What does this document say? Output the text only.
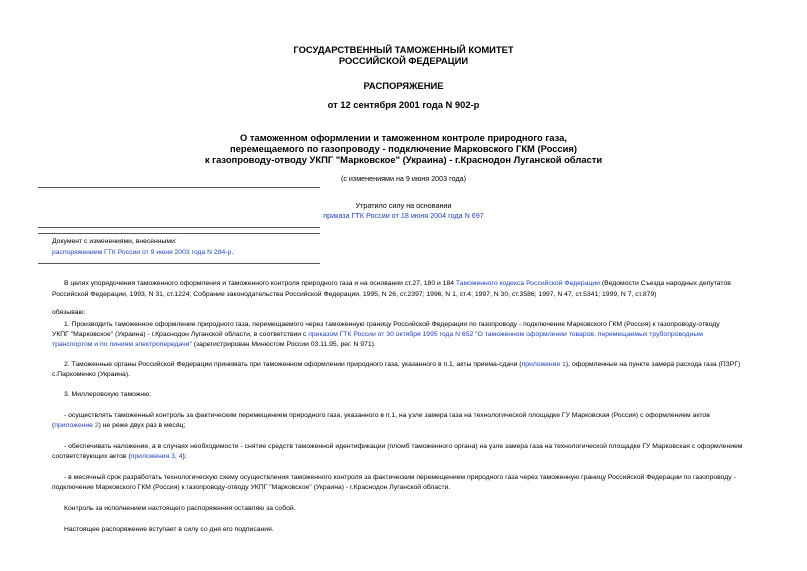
ГОСУДАРСТВЕННЫЙ ТАМОЖЕННЫЙ КОМИТЕТ
РОССИЙСКОЙ ФЕДЕРАЦИИ
РАСПОРЯЖЕНИЕ
от 12 сентября 2001 года N 902-р
О таможенном оформлении и таможенном контроле природного газа,
перемещаемого по газопроводу - подключение Марковского ГКМ (Россия)
к газопроводу-отводу УКПГ "Марковское" (Украина) - г.Краснодон Луганской области
(с изменениями на 9 июня 2003 года)
Утратило силу на основании
приказа ГТК России от 18 июня 2004 года N 697
Документ с изменениями, внесенными:
распоряжением ГТК России от 9 июня 2003 года N 284-р.
В целях упорядочения таможенного оформления и таможенного контроля природного газа и на основании ст.27, 180 и 184 Таможенного кодекса Российской Федерации (Ведомости Съезда народных депутатов
Российской Федерации, 1993, N 31, ст.1224; Собрание законодательства Российской Федерации, 1995, N 26, ст.2397; 1996, N 1, ст.4; 1997, N 30, ст.3586; 1997, N 47, ст.5341; 1999, N 7, ст.879)
обязываю:
1. Производить таможенное оформление природного газа, перемещаемого через таможенную границу Российской Федерации по газопроводу - подключение Марковского ГКМ (Россия) к газопроводу-отводу
УКПГ "Марковское" (Украина) - г.Краснодон Луганской области, в соответствии с приказом ГТК России от 30 октября 1995 года N 652 "О таможенном оформлении товаров, перемещаемых трубопроводным
транспортом и по линиям электропередачи" (зарегистрирован Минюстом России 03.11.95, рег. N 971).
2. Таможенные органы Российской Федерации принимать при таможенном оформлении природного газа, указанного в п.1, акты приема-сдачи (приложение 1), оформленные на пункте замера расхода газа (ПЗРГ)
с.Пархоменко (Украина).
3. Миллеровскую таможню:
- осуществлять таможенный контроль за фактическим перемещением природного газа, указанного в п.1, на узле замера газа на технологической площадке ГУ Марковская (Россия) с оформлением актов
(приложение 2) не реже двух раз в месяц;
- обеспечивать наложение, а в случаях необходимости - снятие средств таможенной идентификации (пломб таможенного органа) на узле замера газа на технологической площадке ГУ Марковская с оформлением
соответствующих актов (приложения 3, 4);
- в месячный срок разработать технологическую схему осуществления таможенного контроля за фактическим перемещением природного газа через таможенную границу Российской Федерации по газопроводу -
подключение Марковского ГКМ (Россия) к газопроводу-отводу УКПГ "Марковское" (Украина) - г.Краснодон Луганской области.
Контроль за исполнением настоящего распоряжения оставляю за собой.
Настоящее распоряжение вступает в силу со дня его подписания.
